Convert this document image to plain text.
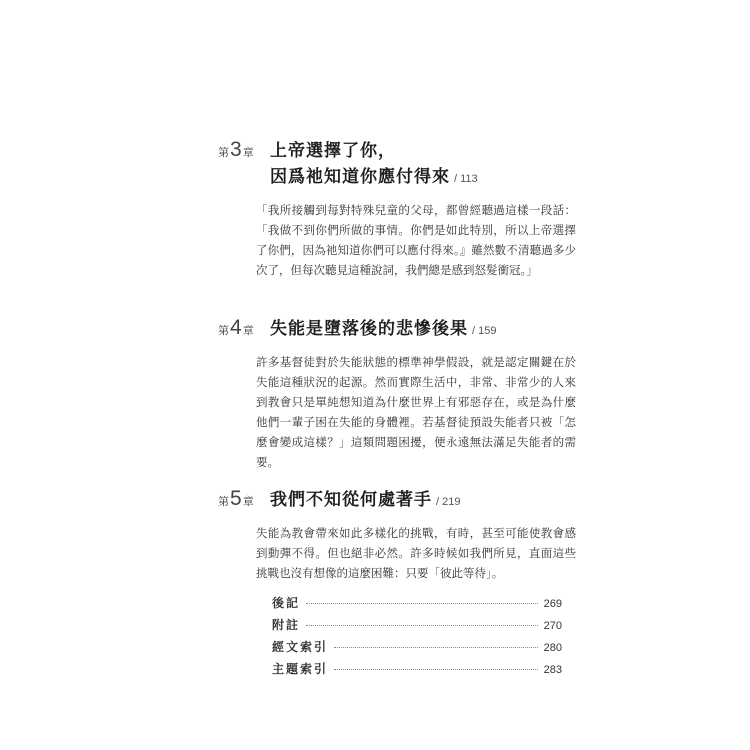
第3章 上帝選擇了你，
因爲祂知道你應付得來 / 113
「我所接觸到每對特殊兒童的父母，都曾經聽過這樣一段話：「我做不到你們所做的事情。你們是如此特別，所以上帝選擇了你們，因為祂知道你們可以應付得來。』雖然數不清聽過多少次了，但每次聽見這種說詞，我們總是感到怒髮衝冠。」
第4章 失能是墮落後的悲慘後果 / 159
許多基督徒對於失能狀態的標準神學假設，就是認定關鍵在於失能這種狀況的起源。然而實際生活中，非常、非常少的人來到教會只是單純想知道為什麼世界上有邪惡存在，或是為什麼他們一輩子困在失能的身體裡。若基督徒預設失能者只被「怎麼會變成這樣？」這類問題困擾，便永遠無法滿足失能者的需要。
第5章 我們不知從何處著手 / 219
失能為教會帶來如此多樣化的挑戰，有時，甚至可能使教會感到動彈不得。但也絕非必然。許多時候如我們所見，直面這些挑戰也沒有想像的這麼困難：只要「彼此等待」。
後記	269
附註	270
經文索引	280
主題索引	283
